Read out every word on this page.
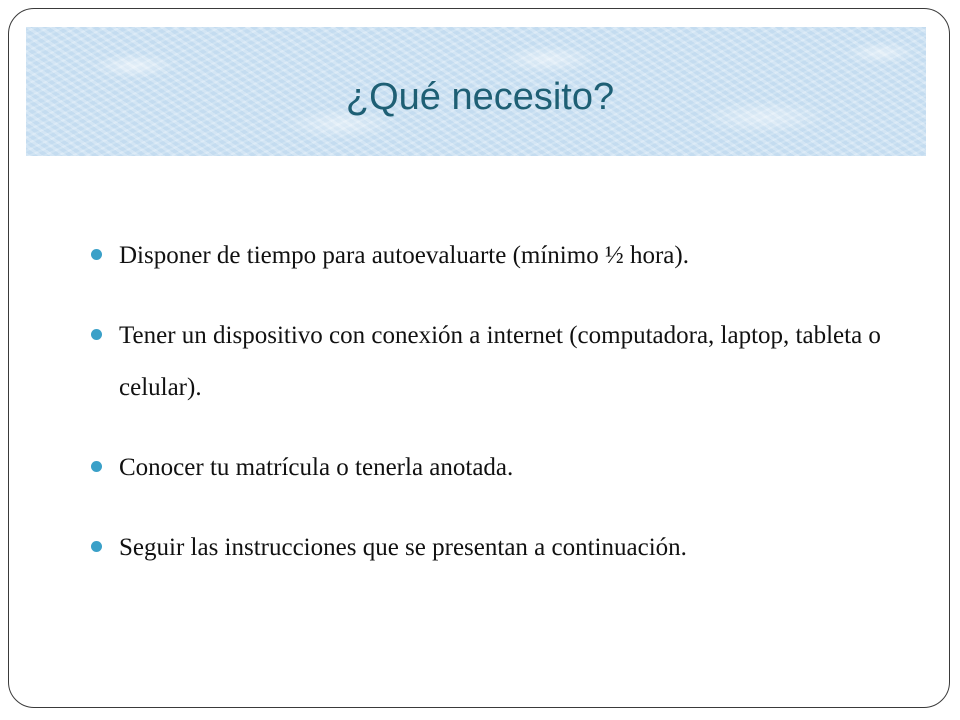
¿Qué necesito?
Disponer de tiempo para autoevaluarte (mínimo ½ hora).
Tener un dispositivo con conexión a internet (computadora, laptop, tableta o celular).
Conocer tu matrícula o tenerla anotada.
Seguir las instrucciones que se presentan a continuación.
